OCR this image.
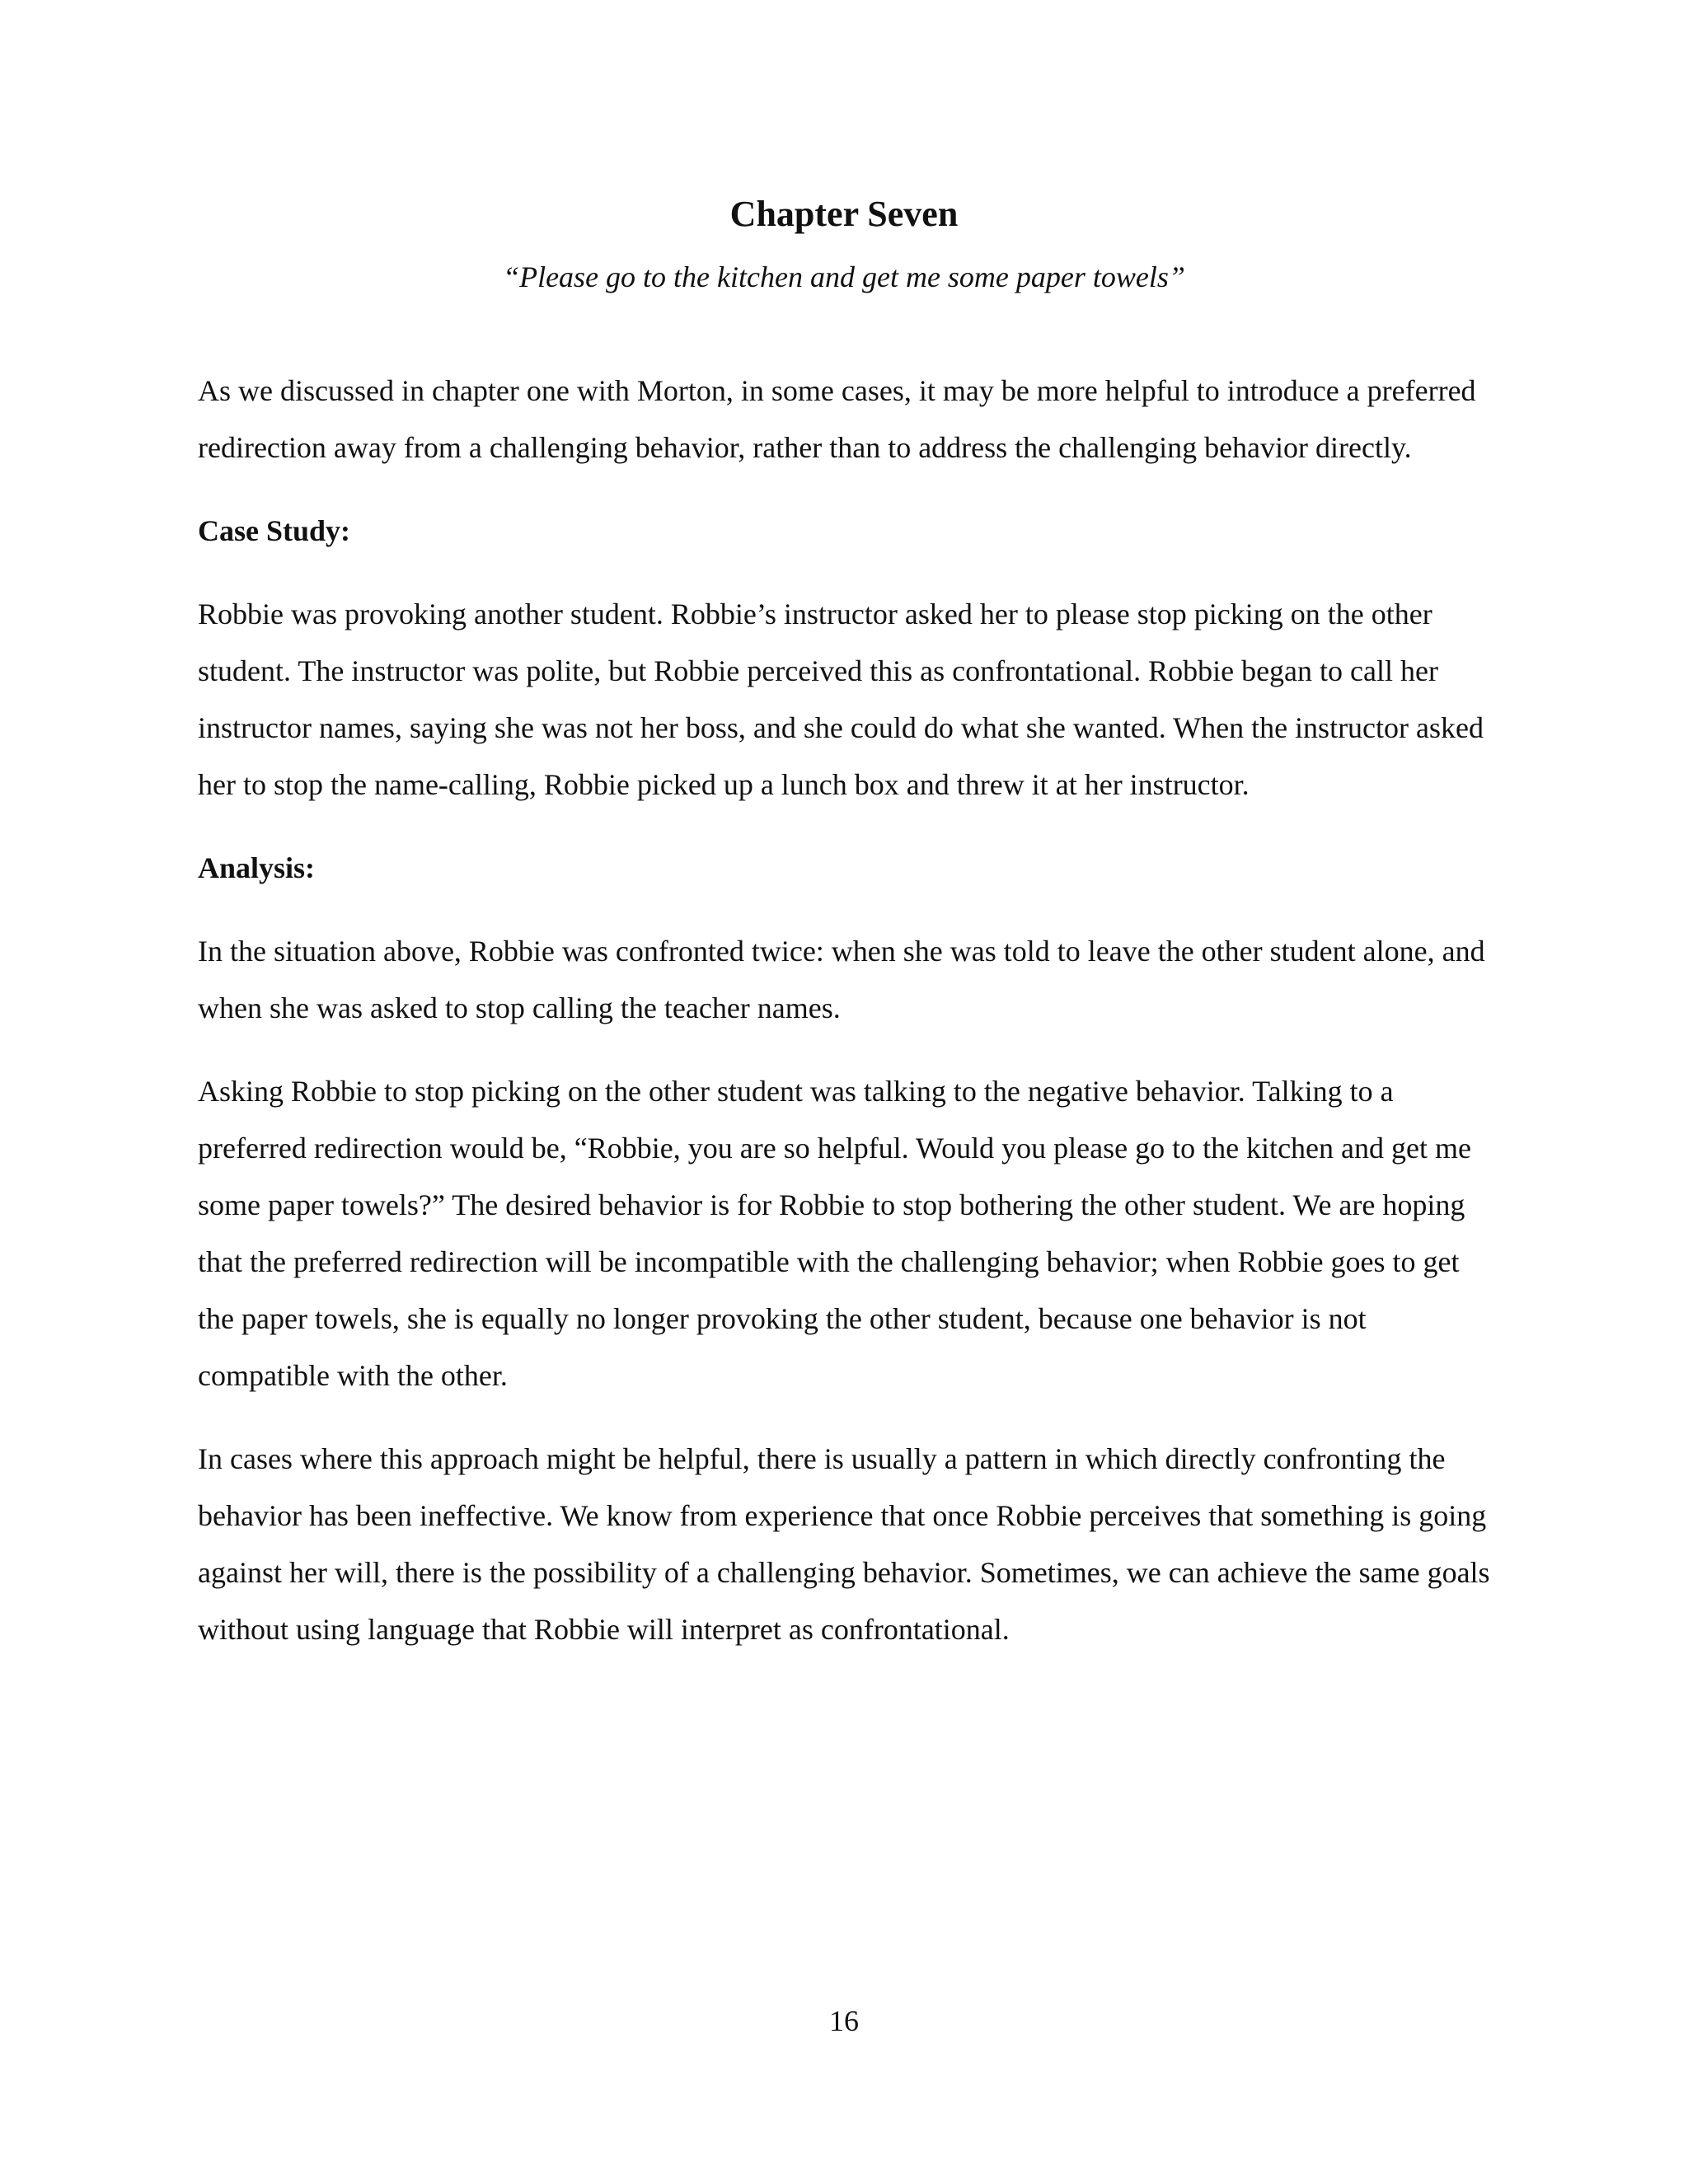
Chapter Seven

“Please go to the kitchen and get me some paper towels”

As we discussed in chapter one with Morton, in some cases, it may be more helpful to introduce a preferred redirection away from a challenging behavior, rather than to address the challenging behavior directly.

Case Study:

Robbie was provoking another student. Robbie’s instructor asked her to please stop picking on the other student. The instructor was polite, but Robbie perceived this as confrontational. Robbie began to call her instructor names, saying she was not her boss, and she could do what she wanted. When the instructor asked her to stop the name-calling, Robbie picked up a lunch box and threw it at her instructor.

Analysis:

In the situation above, Robbie was confronted twice: when she was told to leave the other student alone, and when she was asked to stop calling the teacher names.

Asking Robbie to stop picking on the other student was talking to the negative behavior. Talking to a preferred redirection would be, “Robbie, you are so helpful. Would you please go to the kitchen and get me some paper towels?” The desired behavior is for Robbie to stop bothering the other student. We are hoping that the preferred redirection will be incompatible with the challenging behavior; when Robbie goes to get the paper towels, she is equally no longer provoking the other student, because one behavior is not compatible with the other.

In cases where this approach might be helpful, there is usually a pattern in which directly confronting the behavior has been ineffective. We know from experience that once Robbie perceives that something is going against her will, there is the possibility of a challenging behavior. Sometimes, we can achieve the same goals without using language that Robbie will interpret as confrontational.

16
